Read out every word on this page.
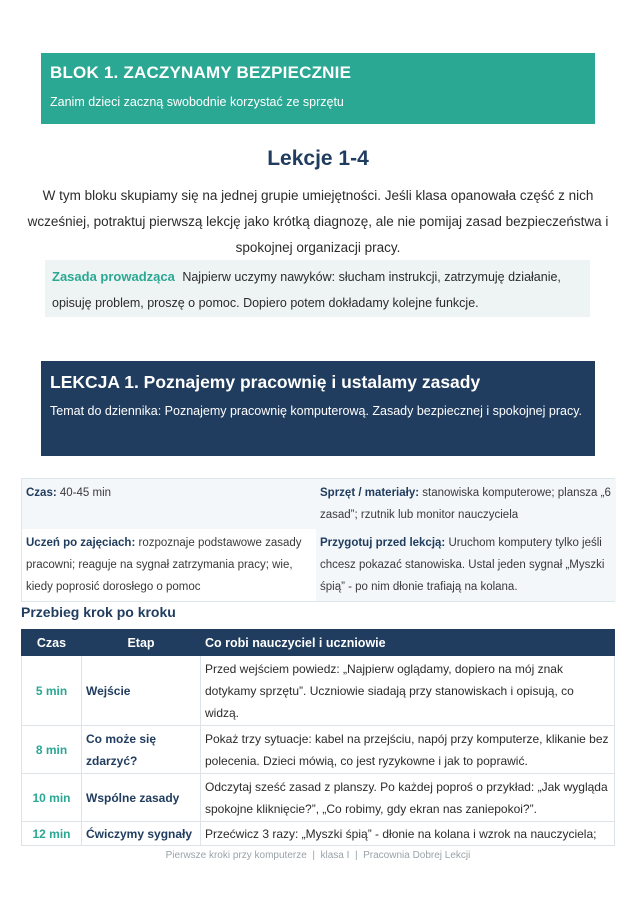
BLOK 1. ZACZYNAMY BEZPIECZNIE
Zanim dzieci zaczną swobodnie korzystać ze sprzętu
Lekcje 1-4
W tym bloku skupiamy się na jednej grupie umiejętności. Jeśli klasa opanowała część z nich wcześniej, potraktuj pierwszą lekcję jako krótką diagnozę, ale nie pomijaj zasad bezpieczeństwa i spokojnej organizacji pracy.
Zasada prowadząca Najpierw uczymy nawyków: słucham instrukcji, zatrzymuję działanie, opisuję problem, proszę o pomoc. Dopiero potem dokładamy kolejne funkcje.
LEKCJA 1. Poznajemy pracownię i ustalamy zasady
Temat do dziennika: Poznajemy pracownię komputerową. Zasady bezpiecznej i spokojnej pracy.
Czas: 40-45 min	Sprzęt / materiały: stanowiska komputerowe; plansza „6 zasad”; rzutnik lub monitor nauczyciela
Uczeń po zajęciach: rozpoznaje podstawowe zasady pracowni; reaguje na sygnał zatrzymania pracy; wie, kiedy poprosić dorosłego o pomoc
Przygotuj przed lekcją: Uruchom komputery tylko jeśli chcesz pokazać stanowiska. Ustal jeden sygnał „Myszki śpią” - po nim dłonie trafiają na kolana.
Przebieg krok po kroku
Czas	Etap	Co robi nauczyciel i uczniowie
5 min	Wejście	Przed wejściem powiedz: „Najpierw oglądamy, dopiero na mój znak dotykamy sprzętu”. Uczniowie siadają przy stanowiskach i opisują, co widzą.
8 min	Co może się zdarzyć?	Pokaż trzy sytuacje: kabel na przejściu, napój przy komputerze, klikanie bez polecenia. Dzieci mówią, co jest ryzykowne i jak to poprawić.
10 min	Wspólne zasady	Odczytaj sześć zasad z planszy. Po każdej poproś o przykład: „Jak wygląda spokojne kliknięcie?”, „Co robimy, gdy ekran nas zaniepokoi?”.
12 min	Ćwiczymy sygnały	Przećwicz 3 razy: „Myszki śpią” - dłonie na kolana i wzrok na nauczyciela;
Pierwsze kroki przy komputerze  |  klasa I  |  Pracownia Dobrej Lekcji
